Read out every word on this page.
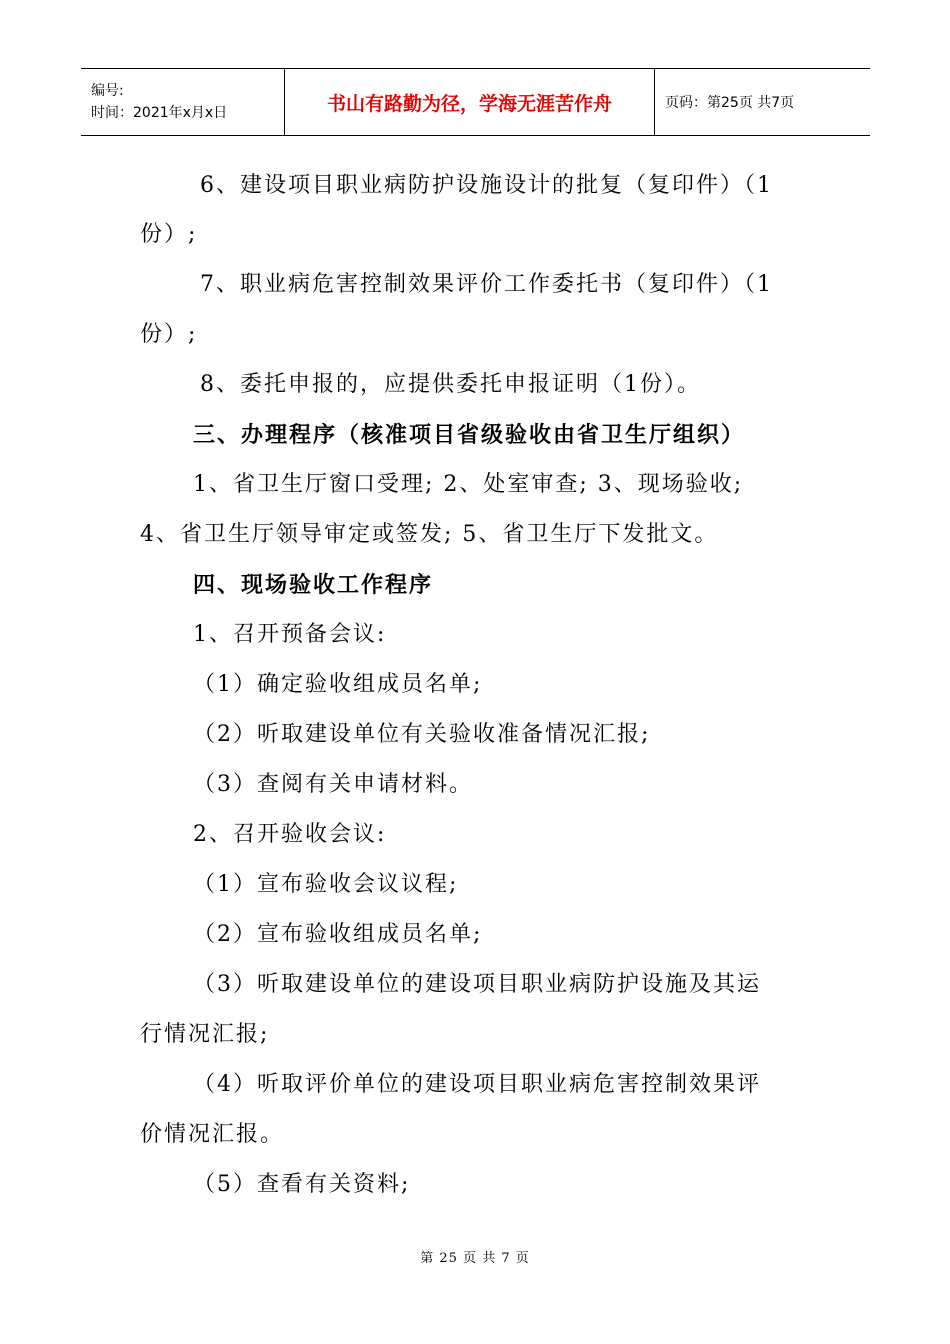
编号:
时间：2021年x月x日	书山有路勤为径，学海无涯苦作舟	页码：第25页 共7页
6、建设项目职业病防护设施设计的批复（复印件）（1
份）;
7、职业病危害控制效果评价工作委托书（复印件）（1
份）;
8、委托申报的，应提供委托申报证明（1份）。
三、办理程序（核准项目省级验收由省卫生厅组织）
1、省卫生厅窗口受理; 2、处室审查; 3、现场验收;
4、省卫生厅领导审定或签发; 5、省卫生厅下发批文。
四、现场验收工作程序
1、召开预备会议:
（1）确定验收组成员名单;
（2）听取建设单位有关验收准备情况汇报;
（3）查阅有关申请材料。
2、召开验收会议:
（1）宣布验收会议议程;
（2）宣布验收组成员名单;
（3）听取建设单位的建设项目职业病防护设施及其运
行情况汇报;
（4）听取评价单位的建设项目职业病危害控制效果评
价情况汇报。
（5）查看有关资料;
第 25 页 共 7 页
